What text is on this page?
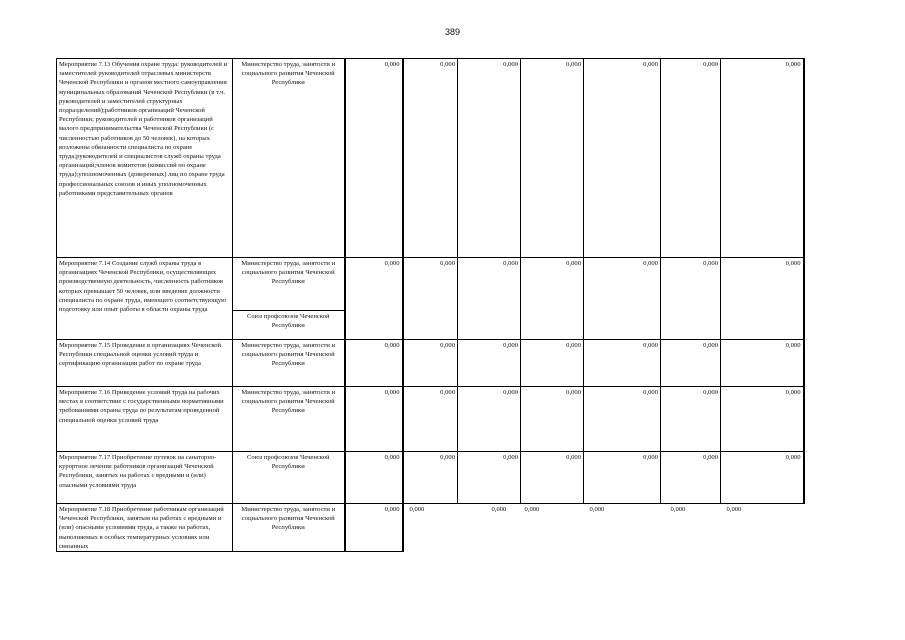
389
Мероприятие 7.13 Обучения охране труда: руководителей и заместителей руководителей отраслевых министерств Чеченской Республики и органов местного самоуправления муниципальных образований Чеченской Республики (в т.ч. руководителей и заместителей структурных подразделений);работников организаций Чеченской Республики; руководителей и работников организаций малого предпринимательства Чеченской Республики (с численностью работников до 50 человек), на которых возложены обязанности специалиста по охране труда;руководителей и специалистов служб охраны труда организаций;членов комитетов (комиссий по охране труда);уполномоченных (доверенных) лиц по охране труда профессиональных союзов и иных уполномоченных работниками представительных органов	Министерство труда, занятости и социального развития Чеченской Республики	0,000	0,000	0,000	0,000	0,000	0,000	0,000

Мероприятие 7.14 Создание служб охраны труда в организациях Чеченской Республики, осуществляющих производственную деятельность, численность работников которых превышает 50 человек, или введение должности специалиста по охране труда, имеющего соответствующую подготовку или опыт работы в области охраны труда	Министерство труда, занятости и социального развития Чеченской Республики	0,000	0,000	0,000	0,000	0,000	0,000	0,000
	Союз профсоюзов Чеченской Республики							
Мероприятие 7.15 Проведение в организациях Чеченской Республики специальной оценки условий труда и сертификацию организации работ по охране труда	Министерство труда, занятости и социального развития Чеченской Республики	0,000	0,000	0,000	0,000	0,000	0,000	0,000
Мероприятие 7.16 Приведение условий труда на рабочих местах в соответствие с государственными нормативными требованиями охраны труда по результатам проведенной специальной оценки условий труда	Министерство труда, занятости и социального развития Чеченской Республики	0,000	0,000	0,000	0,000	0,000	0,000	0,000

Мероприятие 7.17 Приобретение путевок на санаторно-курортное лечение работников организаций Чеченской Республики, занятых на работах с вредными и (или) опасными условиями труда	Союз профсоюзов Чеченской Республики	0,000	0,000	0,000	0,000	0,000	0,000	0,000

Мероприятие 7.18 Приобретение работникам организаций Чеченской Республики, занятым на работах с вредными и (или) опасными условиями труда, а также на работах, выполняемых в особых температурных условиях или связанных	Министерство труда, занятости и социального развития Чеченской Республики	0,000	0,000	0,000	0,000	0,000	0,000	0,000
